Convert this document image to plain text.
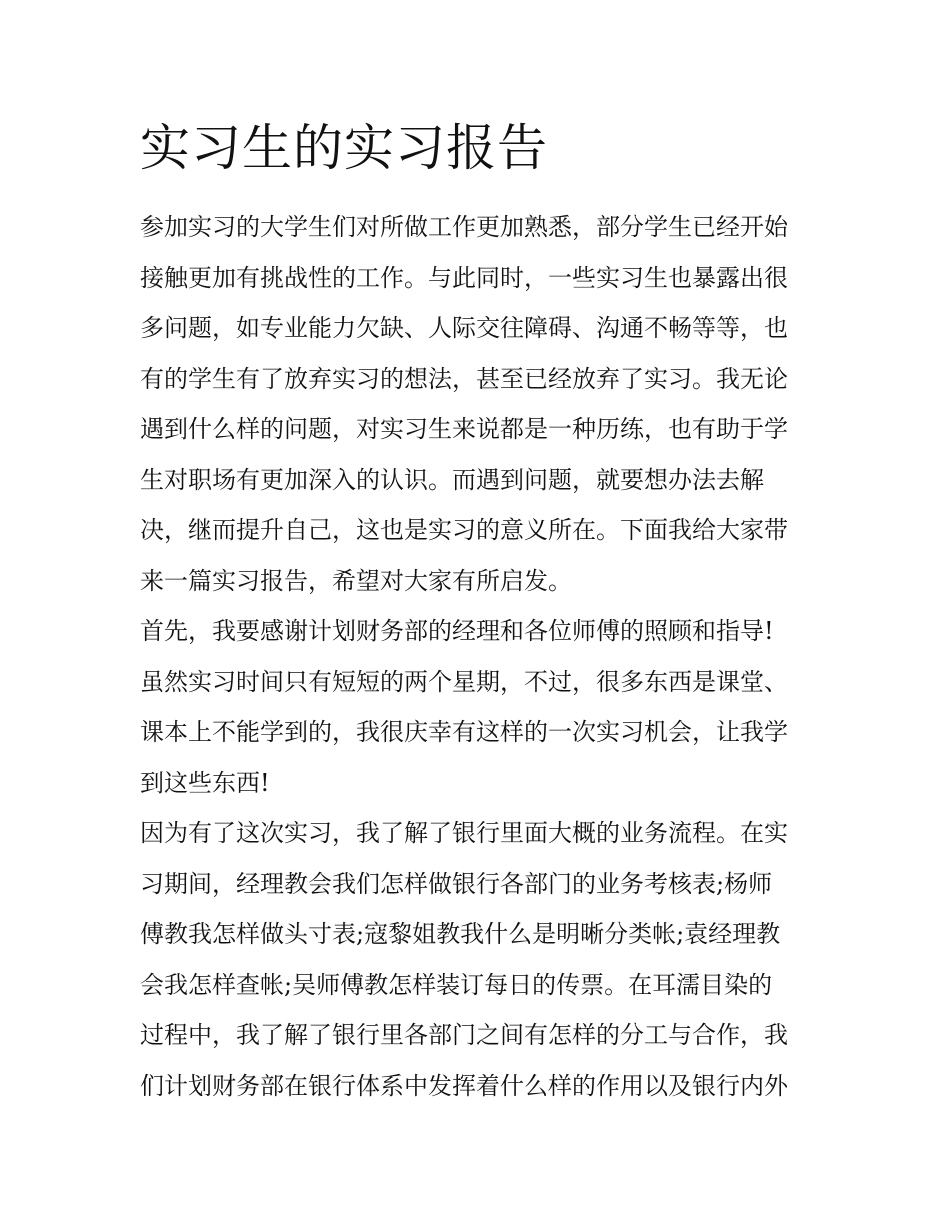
实习生的实习报告
参加实习的大学生们对所做工作更加熟悉，部分学生已经开始
接触更加有挑战性的工作。与此同时，一些实习生也暴露出很
多问题，如专业能力欠缺、人际交往障碍、沟通不畅等等，也
有的学生有了放弃实习的想法，甚至已经放弃了实习。我无论
遇到什么样的问题，对实习生来说都是一种历练，也有助于学
生对职场有更加深入的认识。而遇到问题，就要想办法去解
决，继而提升自己，这也是实习的意义所在。下面我给大家带
来一篇实习报告，希望对大家有所启发。
首先，我要感谢计划财务部的经理和各位师傅的照顾和指导!
虽然实习时间只有短短的两个星期，不过，很多东西是课堂、
课本上不能学到的，我很庆幸有这样的一次实习机会，让我学
到这些东西!
因为有了这次实习，我了解了银行里面大概的业务流程。在实
习期间，经理教会我们怎样做银行各部门的业务考核表;杨师
傅教我怎样做头寸表;寇黎姐教我什么是明晰分类帐;袁经理教
会我怎样查帐;吴师傅教怎样装订每日的传票。在耳濡目染的
过程中，我了解了银行里各部门之间有怎样的分工与合作，我
们计划财务部在银行体系中发挥着什么样的作用以及银行内外
